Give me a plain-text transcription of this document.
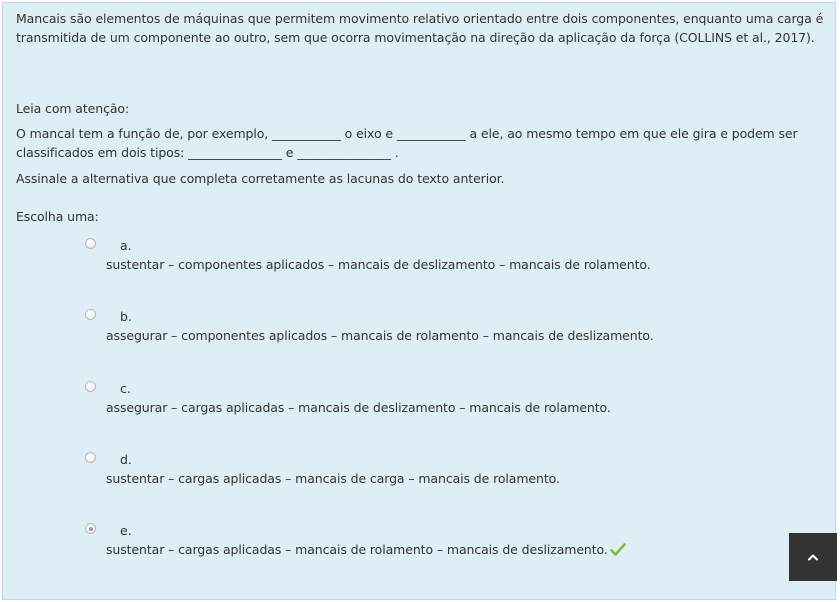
Mancais são elementos de máquinas que permitem movimento relativo orientado entre dois componentes, enquanto uma carga é transmitida de um componente ao outro, sem que ocorra movimentação na direção da aplicação da força (COLLINS et al., 2017).

Leia com atenção:

O mancal tem a função de, por exemplo, ___________ o eixo e ___________ a ele, ao mesmo tempo em que ele gira e podem ser classificados em dois tipos: _______________ e _______________ .

Assinale a alternativa que completa corretamente as lacunas do texto anterior.

Escolha uma:

a.
sustentar – componentes aplicados – mancais de deslizamento – mancais de rolamento.
b.
assegurar – componentes aplicados – mancais de rolamento – mancais de deslizamento.
c.
assegurar – cargas aplicadas – mancais de deslizamento – mancais de rolamento.
d.
sustentar – cargas aplicadas – mancais de carga – mancais de rolamento.
e.
sustentar – cargas aplicadas – mancais de rolamento – mancais de deslizamento.
